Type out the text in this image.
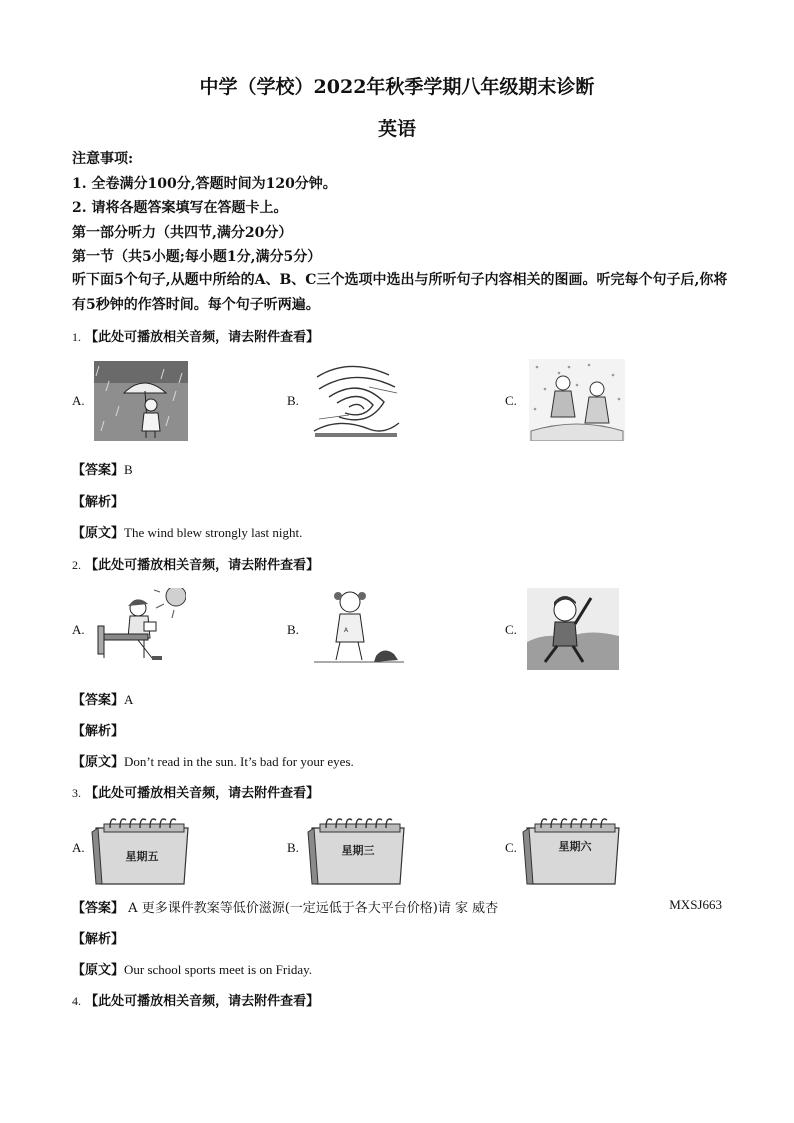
中学（学校）2022年秋季学期八年级期末诊断
英语
注意事项:
1. 全卷满分100分,答题时间为120分钟。
2. 请将各题答案填写在答题卡上。
第一部分听力（共四节,满分20分）
第一节（共5小题;每小题1分,满分5分）
听下面5个句子,从题中所给的A、B、C三个选项中选出与所听句子内容相关的图画。听完每个句子后,你将有5秒钟的作答时间。每个句子听两遍。
1. 【此处可播放相关音频，请去附件查看】
A.	B.	C.
【答案】B
【解析】
【原文】The wind blew strongly last night.
2. 【此处可播放相关音频，请去附件查看】
A.	B.	A	C.
【答案】A
【解析】
【原文】Don’t read in the sun. It’s bad for your eyes.
3. 【此处可播放相关音频，请去附件查看】
A.
星期五
B.	星期三	C.	星期六
【答案】 A 更多课件教案等低价滋源(一定远低于各大平台价格)请 家 威杏	MXSJ663
【解析】
【原文】Our school sports meet is on Friday.
4. 【此处可播放相关音频，请去附件查看】
